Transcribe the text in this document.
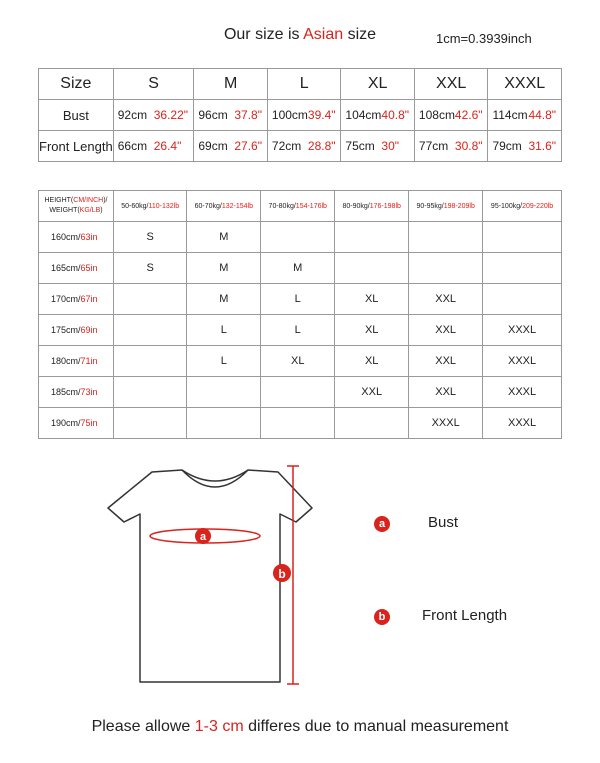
Our size is Asian size	1cm=0.3939inch
Size	S	M	L	XL	XXL	XXXL
Bust	92cm 36.22"	96cm 37.8"	100cm39.4"	104cm40.8"	108cm42.6"	114cm44.8"
Front Length	66cm 26.4"	69cm 27.6"	72cm 28.8"	75cm 30"	77cm 30.8"	79cm 31.6"
HEIGHT(CM/INCH)/
WEIGHT(KG/LB)	50-60kg/110-132lb	60-70kg/132-154lb	70-80kg/154-176lb	80-90kg/176-198lb	90-95kg/198-209lb	95-100kg/209-220lb
160cm/63in	S	M				
165cm/65in	S	M	M			
170cm/67in		M	L	XL	XXL	
175cm/69in		L	L	XL	XXL	XXXL
180cm/71in		L	XL	XL	XXL	XXXL
185cm/73in				XXL	XXL	XXXL
190cm/75in					XXXL	XXXL
a
b
a	Bust
b	Front Length
Please allowe 1-3 cm differes due to manual measurement
